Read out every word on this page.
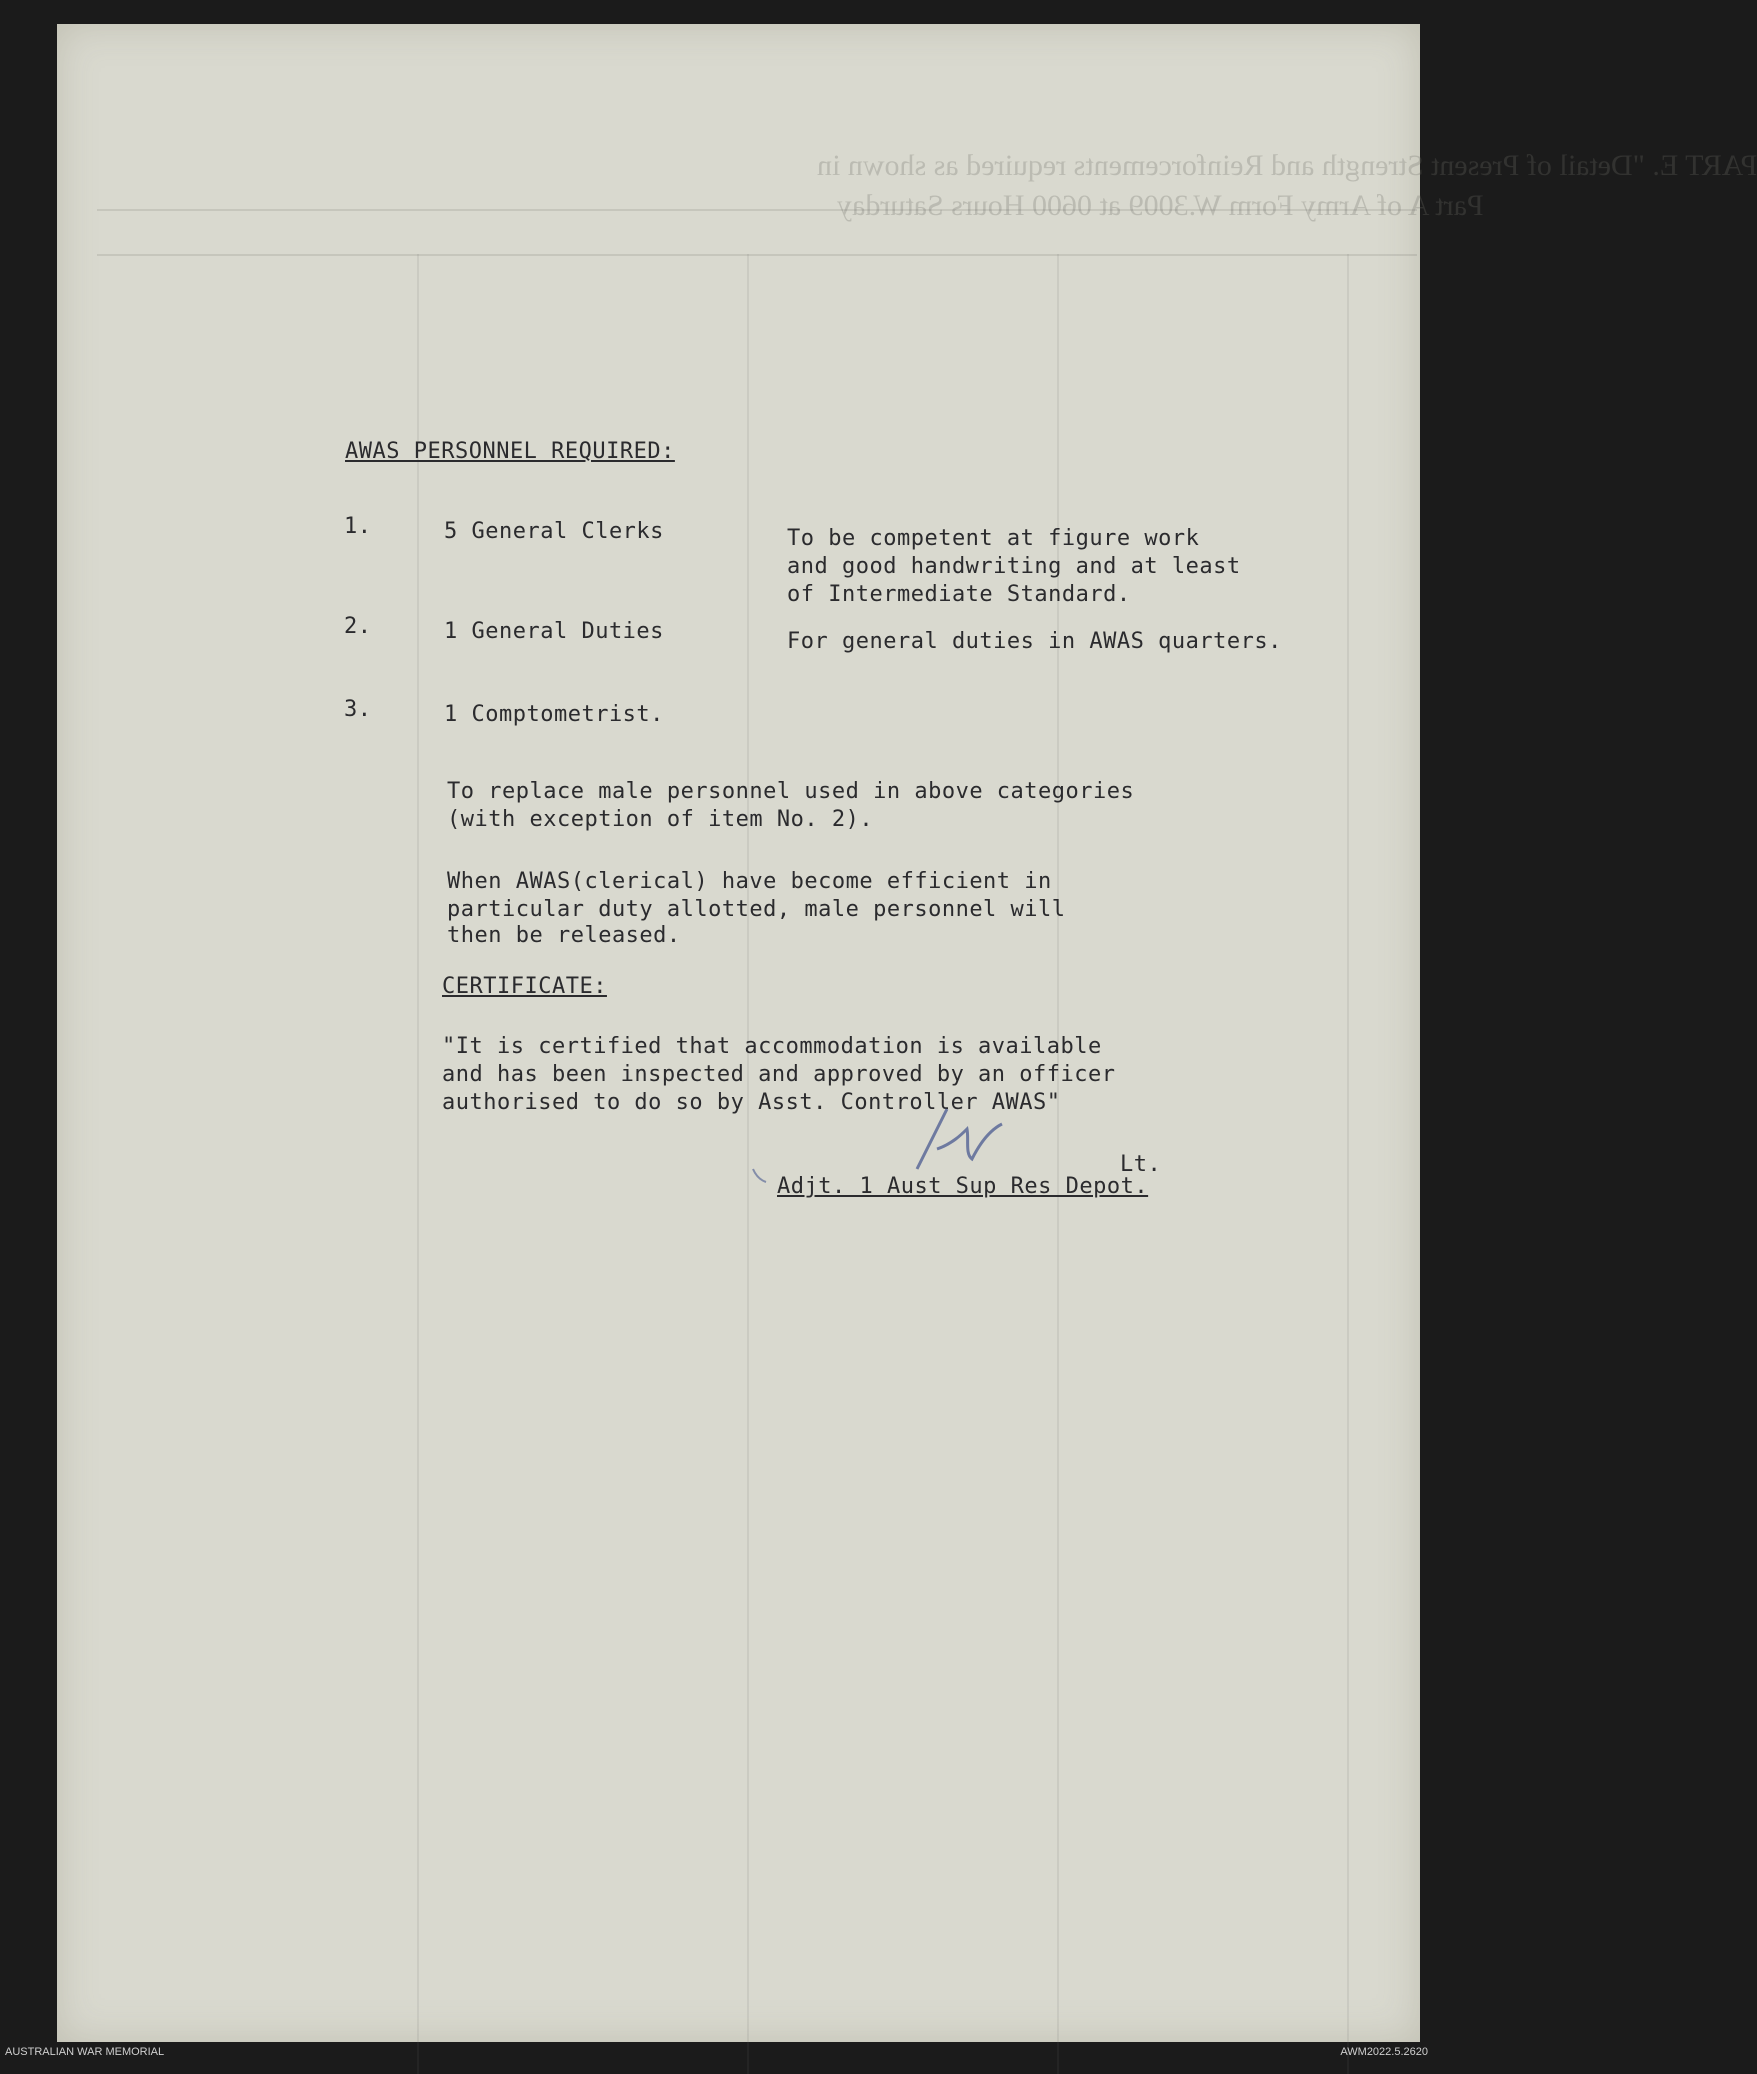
PART E. "Detail of Present Strength and Reinforcements required as shown in
Part A of Army Form W.3009 at 0600 Hours Saturday
AWAS PERSONNEL REQUIRED:
1.	5 General Clerks	To be competent at figure work
and good handwriting and at least
of Intermediate Standard.
2.	1 General Duties	For general duties in AWAS quarters.
3.	1 Comptometrist.
To replace male personnel used in above categories
(with exception of item No. 2).
When AWAS(clerical) have become efficient in
particular duty allotted, male personnel will
then be released.
CERTIFICATE:
"It is certified that accommodation is available
and has been inspected and approved by an officer
authorised to do so by Asst. Controller AWAS"
Lt.
Adjt. 1 Aust Sup Res Depot.
AUSTRALIAN WAR MEMORIAL	AWM2022.5.2620
